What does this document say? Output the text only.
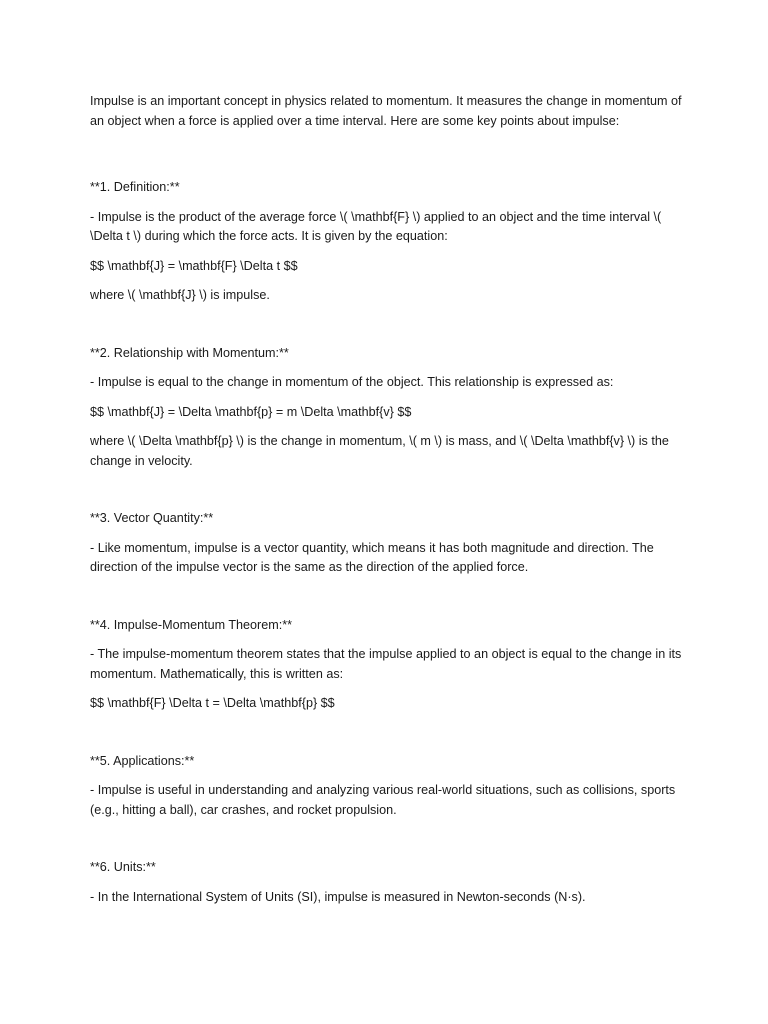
Impulse is an important concept in physics related to momentum. It measures the change in momentum of an object when a force is applied over a time interval. Here are some key points about impulse:

**1. Definition:**

- Impulse is the product of the average force \( \mathbf{F} \) applied to an object and the time interval \( \Delta t \) during which the force acts. It is given by the equation:

$$ \mathbf{J} = \mathbf{F} \Delta t $$

where \( \mathbf{J} \) is impulse.

**2. Relationship with Momentum:**

- Impulse is equal to the change in momentum of the object. This relationship is expressed as:

$$ \mathbf{J} = \Delta \mathbf{p} = m \Delta \mathbf{v} $$

where \( \Delta \mathbf{p} \) is the change in momentum, \( m \) is mass, and \( \Delta \mathbf{v} \) is the change in velocity.

**3. Vector Quantity:**

- Like momentum, impulse is a vector quantity, which means it has both magnitude and direction. The direction of the impulse vector is the same as the direction of the applied force.

**4. Impulse-Momentum Theorem:**

- The impulse-momentum theorem states that the impulse applied to an object is equal to the change in its momentum. Mathematically, this is written as:

$$ \mathbf{F} \Delta t = \Delta \mathbf{p} $$

**5. Applications:**

- Impulse is useful in understanding and analyzing various real-world situations, such as collisions, sports (e.g., hitting a ball), car crashes, and rocket propulsion.

**6. Units:**

- In the International System of Units (SI), impulse is measured in Newton-seconds (N·s).
